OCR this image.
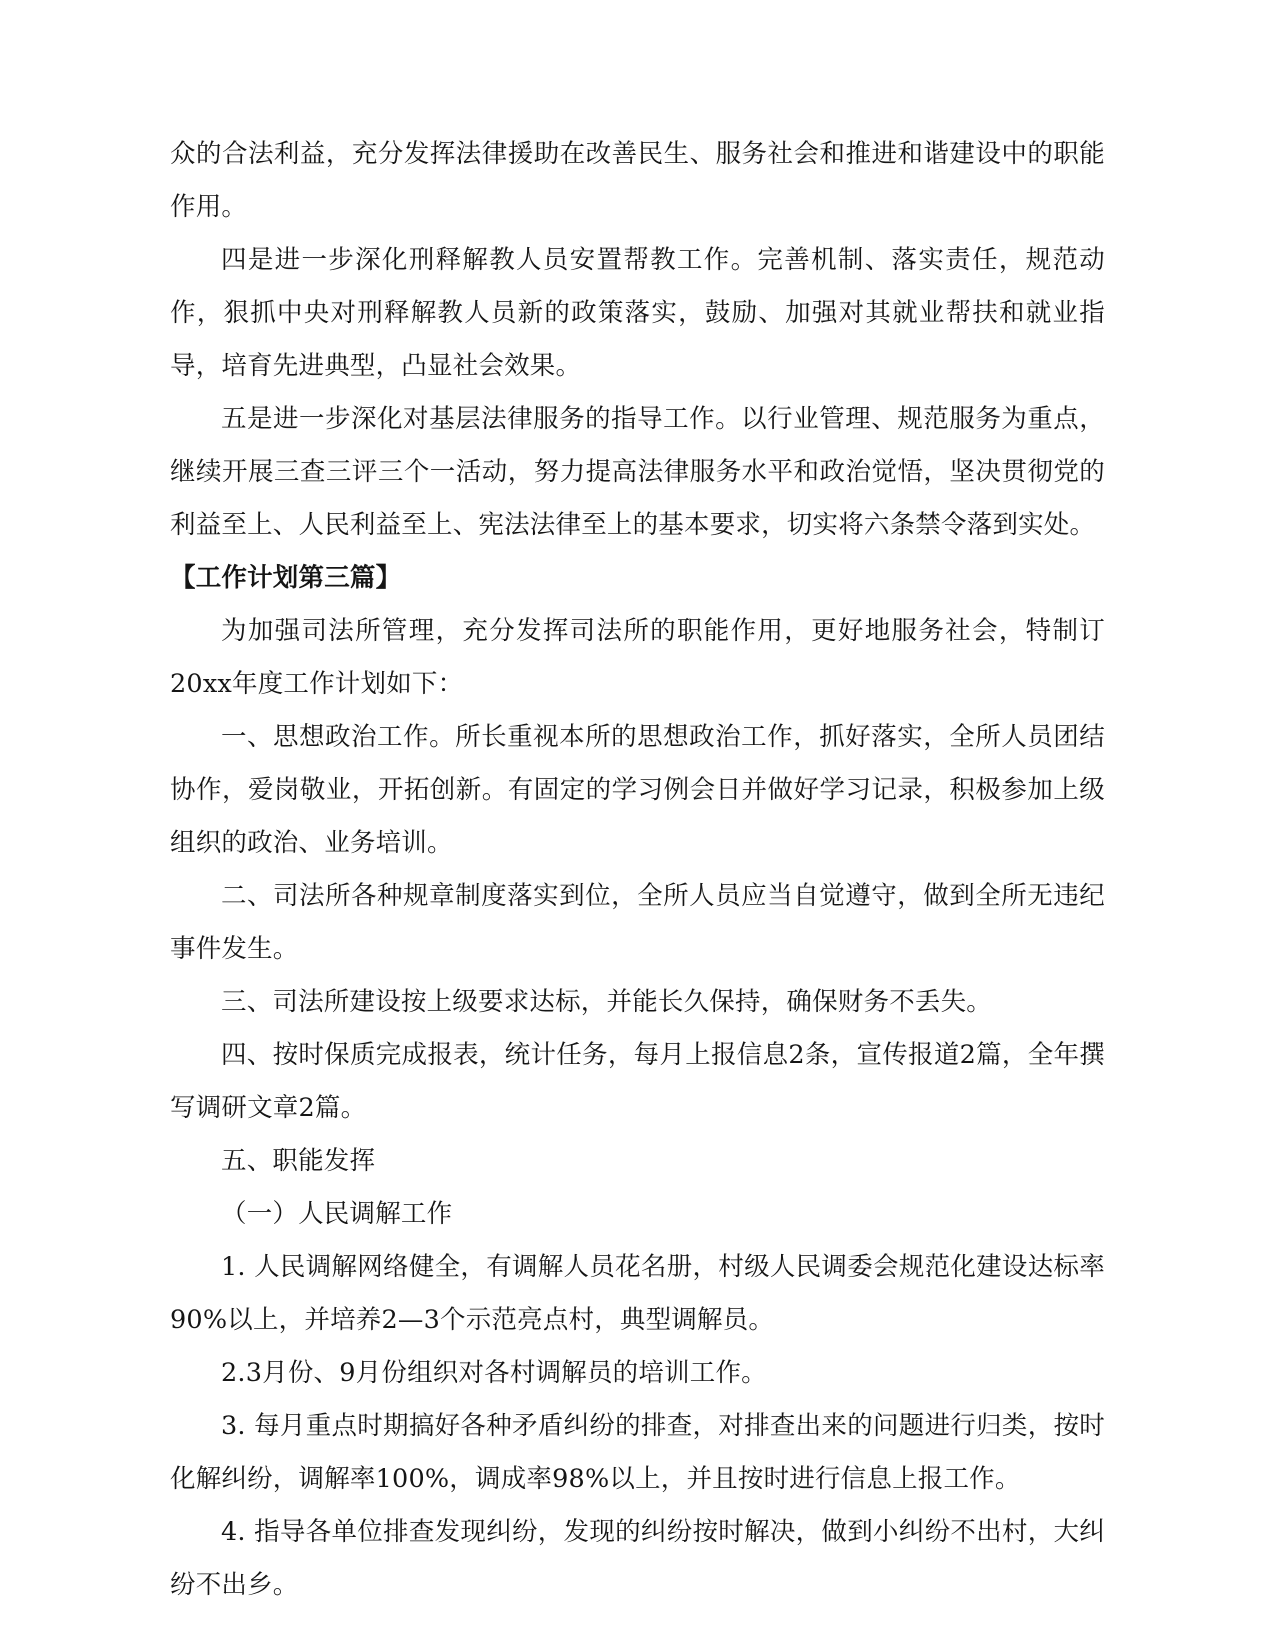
众的合法利益，充分发挥法律援助在改善民生、服务社会和推进和谐建设中的职能作用。

四是进一步深化刑释解教人员安置帮教工作。完善机制、落实责任，规范动作，狠抓中央对刑释解教人员新的政策落实，鼓励、加强对其就业帮扶和就业指导，培育先进典型，凸显社会效果。

五是进一步深化对基层法律服务的指导工作。以行业管理、规范服务为重点，继续开展三查三评三个一活动，努力提高法律服务水平和政治觉悟，坚决贯彻党的利益至上、人民利益至上、宪法法律至上的基本要求，切实将六条禁令落到实处。

【工作计划第三篇】

为加强司法所管理，充分发挥司法所的职能作用，更好地服务社会，特制订20xx年度工作计划如下：

一、思想政治工作。所长重视本所的思想政治工作，抓好落实，全所人员团结协作，爱岗敬业，开拓创新。有固定的学习例会日并做好学习记录，积极参加上级组织的政治、业务培训。

二、司法所各种规章制度落实到位，全所人员应当自觉遵守，做到全所无违纪事件发生。

三、司法所建设按上级要求达标，并能长久保持，确保财务不丢失。

四、按时保质完成报表，统计任务，每月上报信息2条，宣传报道2篇，全年撰写调研文章2篇。

五、职能发挥

（一）人民调解工作

1. 人民调解网络健全，有调解人员花名册，村级人民调委会规范化建设达标率90%以上，并培养2—3个示范亮点村，典型调解员。

2.3月份、9月份组织对各村调解员的培训工作。

3. 每月重点时期搞好各种矛盾纠纷的排查，对排查出来的问题进行归类，按时化解纠纷，调解率100%，调成率98%以上，并且按时进行信息上报工作。

4. 指导各单位排查发现纠纷，发现的纠纷按时解决，做到小纠纷不出村，大纠纷不出乡。
